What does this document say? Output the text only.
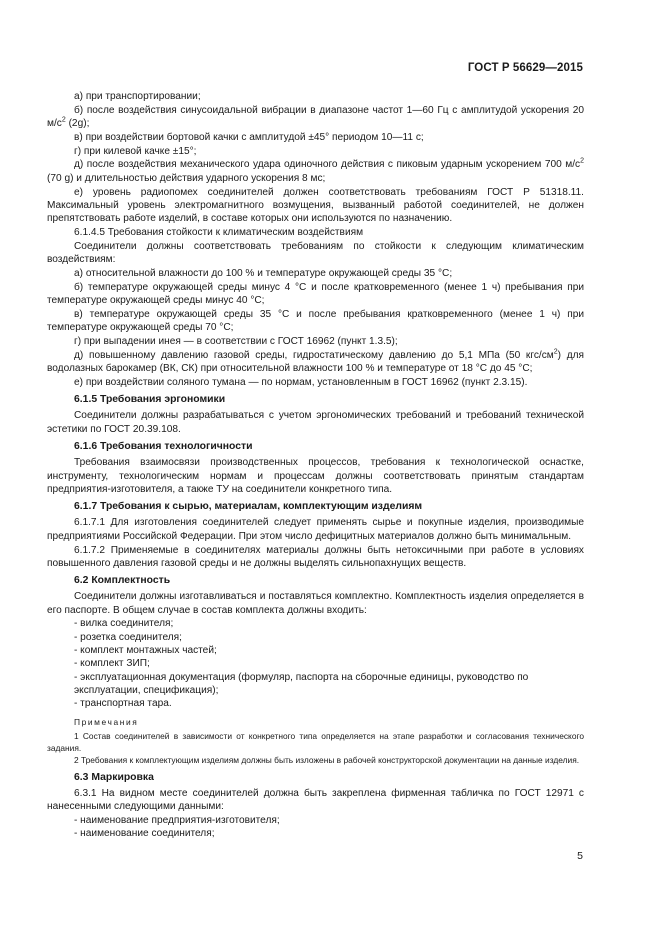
ГОСТ Р 56629—2015

а) при транспортировании;

б) после воздействия синусоидальной вибрации в диапазоне частот 1—60 Гц с амплитудой ускорения 20 $м/с^2$ (2g);

в) при воздействии бортовой качки с амплитудой ±45° периодом 10—11 с;

г) при килевой качке ±15°;

д) после воздействия механического удара одиночного действия с пиковым ударным ускорением 700 $м/с^2$ (70 g) и длительностью действия ударного ускорения 8 мс;

е) уровень радиопомех соединителей должен соответствовать требованиям ГОСТ Р 51318.11. Максимальный уровень электромагнитного возмущения, вызванный работой соединителей, не должен препятствовать работе изделий, в составе которых они используются по назначению.

6.1.4.5 Требования стойкости к климатическим воздействиям

Соединители должны соответствовать требованиям по стойкости к следующим климатическим воздействиям:

а) относительной влажности до 100 % и температуре окружающей среды 35 °С;

б) температуре окружающей среды минус 4 °С и после кратковременного (менее 1 ч) пребывания при температуре окружающей среды минус 40 °С;

в) температуре окружающей среды 35 °С и после пребывания кратковременного (менее 1 ч) при температуре окружающей среды 70 °С;

г) при выпадении инея — в соответствии с ГОСТ 16962 (пункт 1.3.5);

д) повышенному давлению газовой среды, гидростатическому давлению до 5,1 МПа (50 кгс/$см^2$) для водолазных барокамер (ВК, СК) при относительной влажности 100 % и температуре от 18 °С до 45 °С;

е) при воздействии соляного тумана — по нормам, установленным в ГОСТ 16962 (пункт 2.3.15).

6.1.5 Требования эргономики

Соединители должны разрабатываться с учетом эргономических требований и требований технической эстетики по ГОСТ 20.39.108.

6.1.6 Требования технологичности

Требования взаимосвязи производственных процессов, требования к технологической оснастке, инструменту, технологическим нормам и процессам должны соответствовать принятым стандартам предприятия-изготовителя, а также ТУ на соединители конкретного типа.

6.1.7 Требования к сырью, материалам, комплектующим изделиям

6.1.7.1 Для изготовления соединителей следует применять сырье и покупные изделия, производимые предприятиями Российской Федерации. При этом число дефицитных материалов должно быть минимальным.

6.1.7.2 Применяемые в соединителях материалы должны быть нетоксичными при работе в условиях повышенного давления газовой среды и не должны выделять сильнопахнущих веществ.

6.2 Комплектность

Соединители должны изготавливаться и поставляться комплектно. Комплектность изделия определяется в его паспорте. В общем случае в состав комплекта должны входить:

- вилка соединителя;

- розетка соединителя;

- комплект монтажных частей;

- комплект ЗИП;

- эксплуатационная документация (формуляр, паспорта на сборочные единицы, руководство по эксплуатации, спецификация);

- транспортная тара.

Примечания

1 Состав соединителей в зависимости от конкретного типа определяется на этапе разработки и согласования технического задания.

2 Требования к комплектующим изделиям должны быть изложены в рабочей конструкторской документации на данные изделия.

6.3 Маркировка

6.3.1 На видном месте соединителей должна быть закреплена фирменная табличка по ГОСТ 12971 с нанесенными следующими данными:

- наименование предприятия-изготовителя;

- наименование соединителя;

5
